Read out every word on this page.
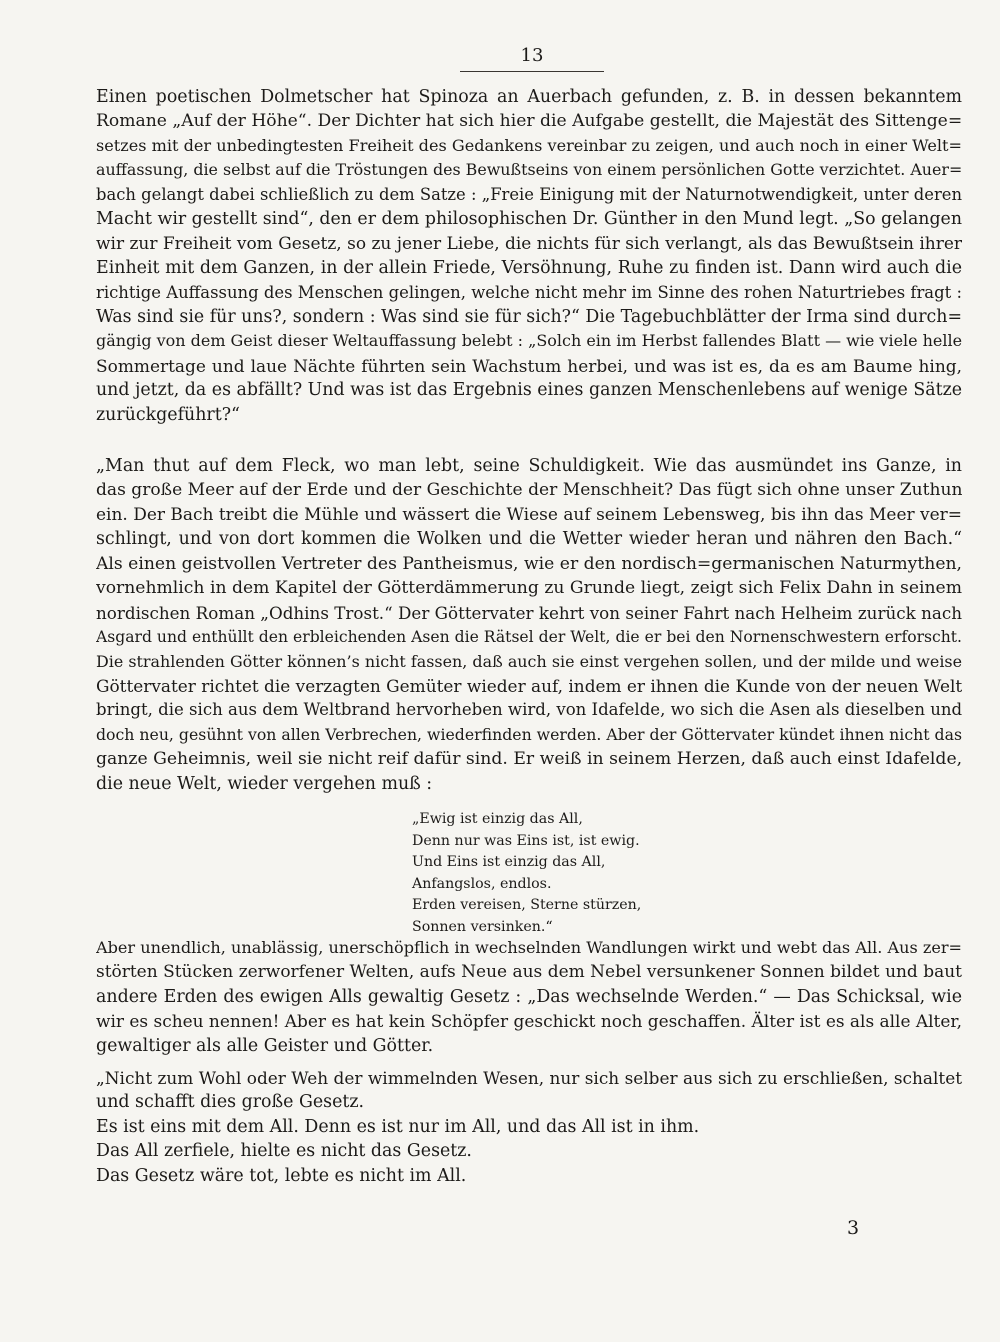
13
Einen poetischen Dolmetscher hat Spinoza an Auerbach gefunden, z. B. in dessen bekanntem
Romane „Auf der Höhe“. Der Dichter hat sich hier die Aufgabe gestellt, die Majestät des Sittenge=
setzes mit der unbedingtesten Freiheit des Gedankens vereinbar zu zeigen, und auch noch in einer Welt=
auffassung, die selbst auf die Tröstungen des Bewußtseins von einem persönlichen Gotte verzichtet. Auer=
bach gelangt dabei schließlich zu dem Satze : „Freie Einigung mit der Naturnotwendigkeit, unter deren
Macht wir gestellt sind“, den er dem philosophischen Dr. Günther in den Mund legt. „So gelangen
wir zur Freiheit vom Gesetz, so zu jener Liebe, die nichts für sich verlangt, als das Bewußtsein ihrer
Einheit mit dem Ganzen, in der allein Friede, Versöhnung, Ruhe zu finden ist. Dann wird auch die
richtige Auffassung des Menschen gelingen, welche nicht mehr im Sinne des rohen Naturtriebes fragt :
Was sind sie für uns?, sondern : Was sind sie für sich?“ Die Tagebuchblätter der Irma sind durch=
gängig von dem Geist dieser Weltauffassung belebt : „Solch ein im Herbst fallendes Blatt — wie viele helle
Sommertage und laue Nächte führten sein Wachstum herbei, und was ist es, da es am Baume hing,
und jetzt, da es abfällt? Und was ist das Ergebnis eines ganzen Menschenlebens auf wenige Sätze
zurückgeführt?“
„Man thut auf dem Fleck, wo man lebt, seine Schuldigkeit. Wie das ausmündet ins Ganze, in
das große Meer auf der Erde und der Geschichte der Menschheit? Das fügt sich ohne unser Zuthun
ein. Der Bach treibt die Mühle und wässert die Wiese auf seinem Lebensweg, bis ihn das Meer ver=
schlingt, und von dort kommen die Wolken und die Wetter wieder heran und nähren den Bach.“
Als einen geistvollen Vertreter des Pantheismus, wie er den nordisch=germanischen Naturmythen,
vornehmlich in dem Kapitel der Götterdämmerung zu Grunde liegt, zeigt sich Felix Dahn in seinem
nordischen Roman „Odhins Trost.“ Der Göttervater kehrt von seiner Fahrt nach Helheim zurück nach
Asgard und enthüllt den erbleichenden Asen die Rätsel der Welt, die er bei den Nornenschwestern erforscht.
Die strahlenden Götter können’s nicht fassen, daß auch sie einst vergehen sollen, und der milde und weise
Göttervater richtet die verzagten Gemüter wieder auf, indem er ihnen die Kunde von der neuen Welt
bringt, die sich aus dem Weltbrand hervorheben wird, von Idafelde, wo sich die Asen als dieselben und
doch neu, gesühnt von allen Verbrechen, wiederfinden werden. Aber der Göttervater kündet ihnen nicht das
ganze Geheimnis, weil sie nicht reif dafür sind. Er weiß in seinem Herzen, daß auch einst Idafelde,
die neue Welt, wieder vergehen muß :
„Ewig ist einzig das All,
Denn nur was Eins ist, ist ewig.
Und Eins ist einzig das All,
Anfangslos, endlos.
Erden vereisen, Sterne stürzen,
Sonnen versinken.“
Aber unendlich, unablässig, unerschöpflich in wechselnden Wandlungen wirkt und webt das All. Aus zer=
störten Stücken zerworfener Welten, aufs Neue aus dem Nebel versunkener Sonnen bildet und baut
andere Erden des ewigen Alls gewaltig Gesetz : „Das wechselnde Werden.“ — Das Schicksal, wie
wir es scheu nennen! Aber es hat kein Schöpfer geschickt noch geschaffen. Älter ist es als alle Alter,
gewaltiger als alle Geister und Götter.
„Nicht zum Wohl oder Weh der wimmelnden Wesen, nur sich selber aus sich zu erschließen, schaltet
und schafft dies große Gesetz.
Es ist eins mit dem All. Denn es ist nur im All, und das All ist in ihm.
Das All zerfiele, hielte es nicht das Gesetz.
Das Gesetz wäre tot, lebte es nicht im All.
3
